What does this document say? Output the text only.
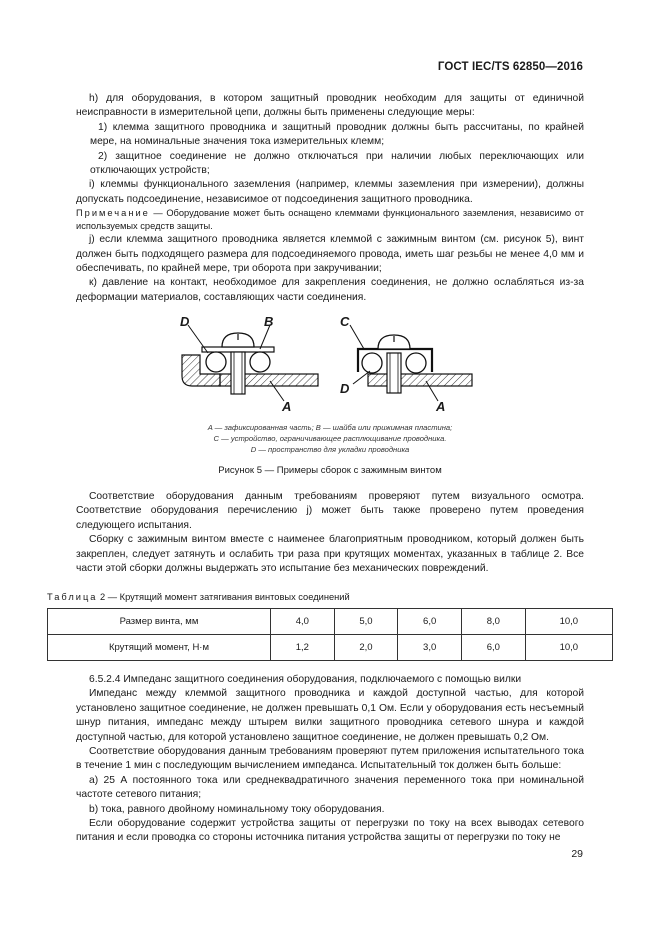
ГОСТ IEC/TS 62850—2016

h) для оборудования, в котором защитный проводник необходим для защиты от единичной неисправности в измерительной цепи, должны быть применены следующие меры:

1) клемма защитного проводника и защитный проводник должны быть рассчитаны, по крайней мере, на номинальные значения тока измерительных клемм;

2) защитное соединение не должно отключаться при наличии любых переключающих или отключающих устройств;

i) клеммы функционального заземления (например, клеммы заземления при измерении), должны допускать подсоединение, независимое от подсоединения защитного проводника.

Примечание — Оборудование может быть оснащено клеммами функционального заземления, независимо от используемых средств защиты.

j) если клемма защитного проводника является клеммой с зажимным винтом (см. рисунок 5), винт должен быть подходящего размера для подсоединяемого провода, иметь шаг резьбы не менее 4,0 мм и обеспечивать, по крайней мере, три оборота при закручивании;

к) давление на контакт, необходимое для закрепления соединения, не должно ослабляться из-за деформации материалов, составляющих части соединения.

D	B
A
C
D
A
A — зафиксированная часть; B — шайба или прижимная пластина;
C — устройство, ограничивающее расплющивание проводника.
D — пространство для укладки проводника
Рисунок 5 — Примеры сборок с зажимным винтом

Соответствие оборудования данным требованиям проверяют путем визуального осмотра. Соответствие оборудования перечислению j) может быть также проверено путем проведения следующего испытания.

Сборку с зажимным винтом вместе с наименее благоприятным проводником, который должен быть закреплен, следует затянуть и ослабить три раза при крутящих моментах, указанных в таблице 2. Все части этой сборки должны выдержать это испытание без механических повреждений.

Таблица 2 — Крутящий момент затягивания винтовых соединений
Размер винта, мм	4,0	5,0	6,0	8,0	10,0
Крутящий момент, Н·м	1,2	2,0	3,0	6,0	10,0

6.5.2.4 Импеданс защитного соединения оборудования, подключаемого с помощью вилки

Импеданс между клеммой защитного проводника и каждой доступной частью, для которой установлено защитное соединение, не должен превышать 0,1 Ом. Если у оборудования есть несъемный шнур питания, импеданс между штырем вилки защитного проводника сетевого шнура и каждой доступной частью, для которой установлено защитное соединение, не должен превышать 0,2 Ом.

Соответствие оборудования данным требованиям проверяют путем приложения испытательного тока в течение 1 мин с последующим вычислением импеданса. Испытательный ток должен быть больше:

a) 25 А постоянного тока или среднеквадратичного значения переменного тока при номинальной частоте сетевого питания;

b) тока, равного двойному номинальному току оборудования.

Если оборудование содержит устройства защиты от перегрузки по току на всех выводах сетевого питания и если проводка со стороны источника питания устройства защиты от перегрузки по току не

29
